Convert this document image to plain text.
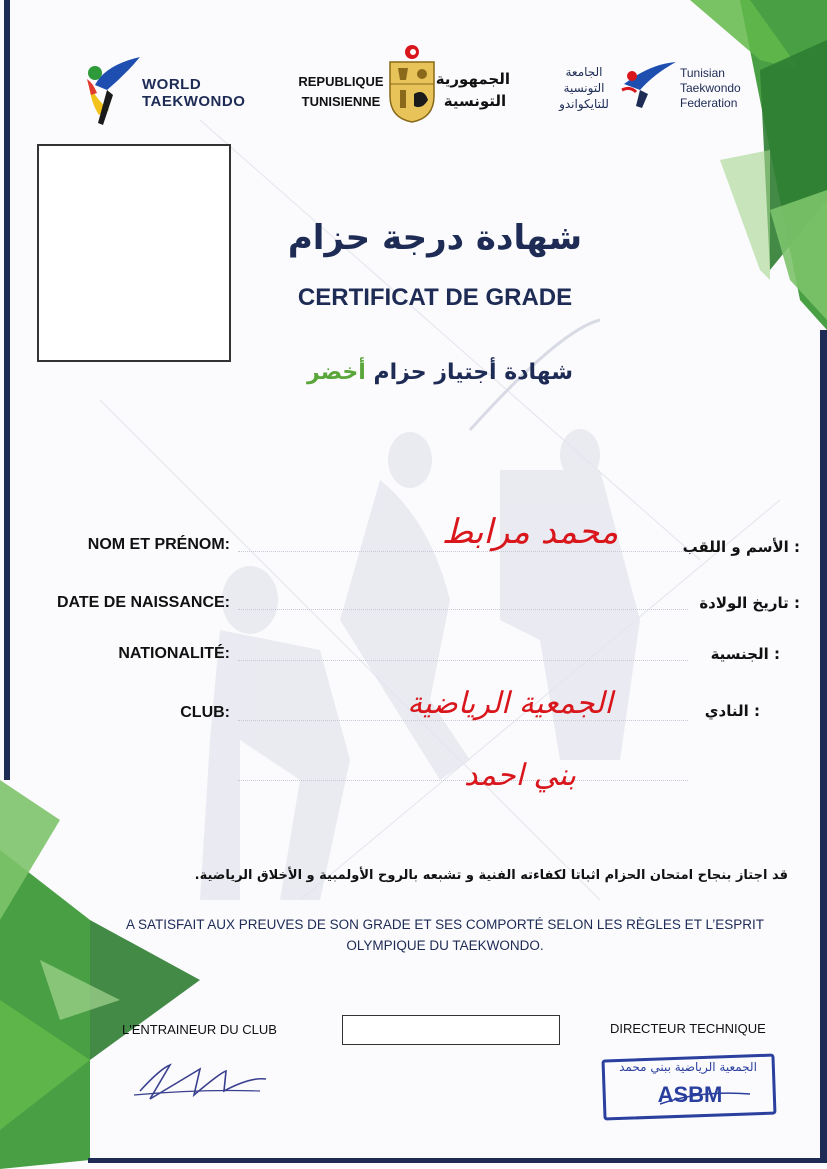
WORLD
TAEKWONDO
REPUBLIQUE
TUNISIENNE
الجمهورية
التونسية
الجامعة
التونسية
للتايكواندو
Tunisian
Taekwondo
Federation
شهادة درجة حزام
CERTIFICAT DE GRADE
شهادة أجتياز حزام أخضر
NOM ET PRÉNOM:	محمد مرابط	: الأسم و اللقب
DATE DE NAISSANCE:	: تاريخ الولادة
NATIONALITÉ:	: الجنسية
CLUB:	الجمعية الرياضية	: النادي
بني احمد
قد اجتاز بنجاح امتحان الحزام اثباتا لكفاءته الفنية و تشبعه بالروح الأولمبية و الأخلاق الرياضية.
A SATISFAIT AUX PREUVES DE SON GRADE ET SES COMPORTÉ SELON LES RÈGLES ET L’ESPRIT
OLYMPIQUE DU TAEKWONDO.
L'ENTRAINEUR DU CLUB	DIRECTEUR TECHNIQUE
الجمعية الرياضية ببني محمد
ASBM
